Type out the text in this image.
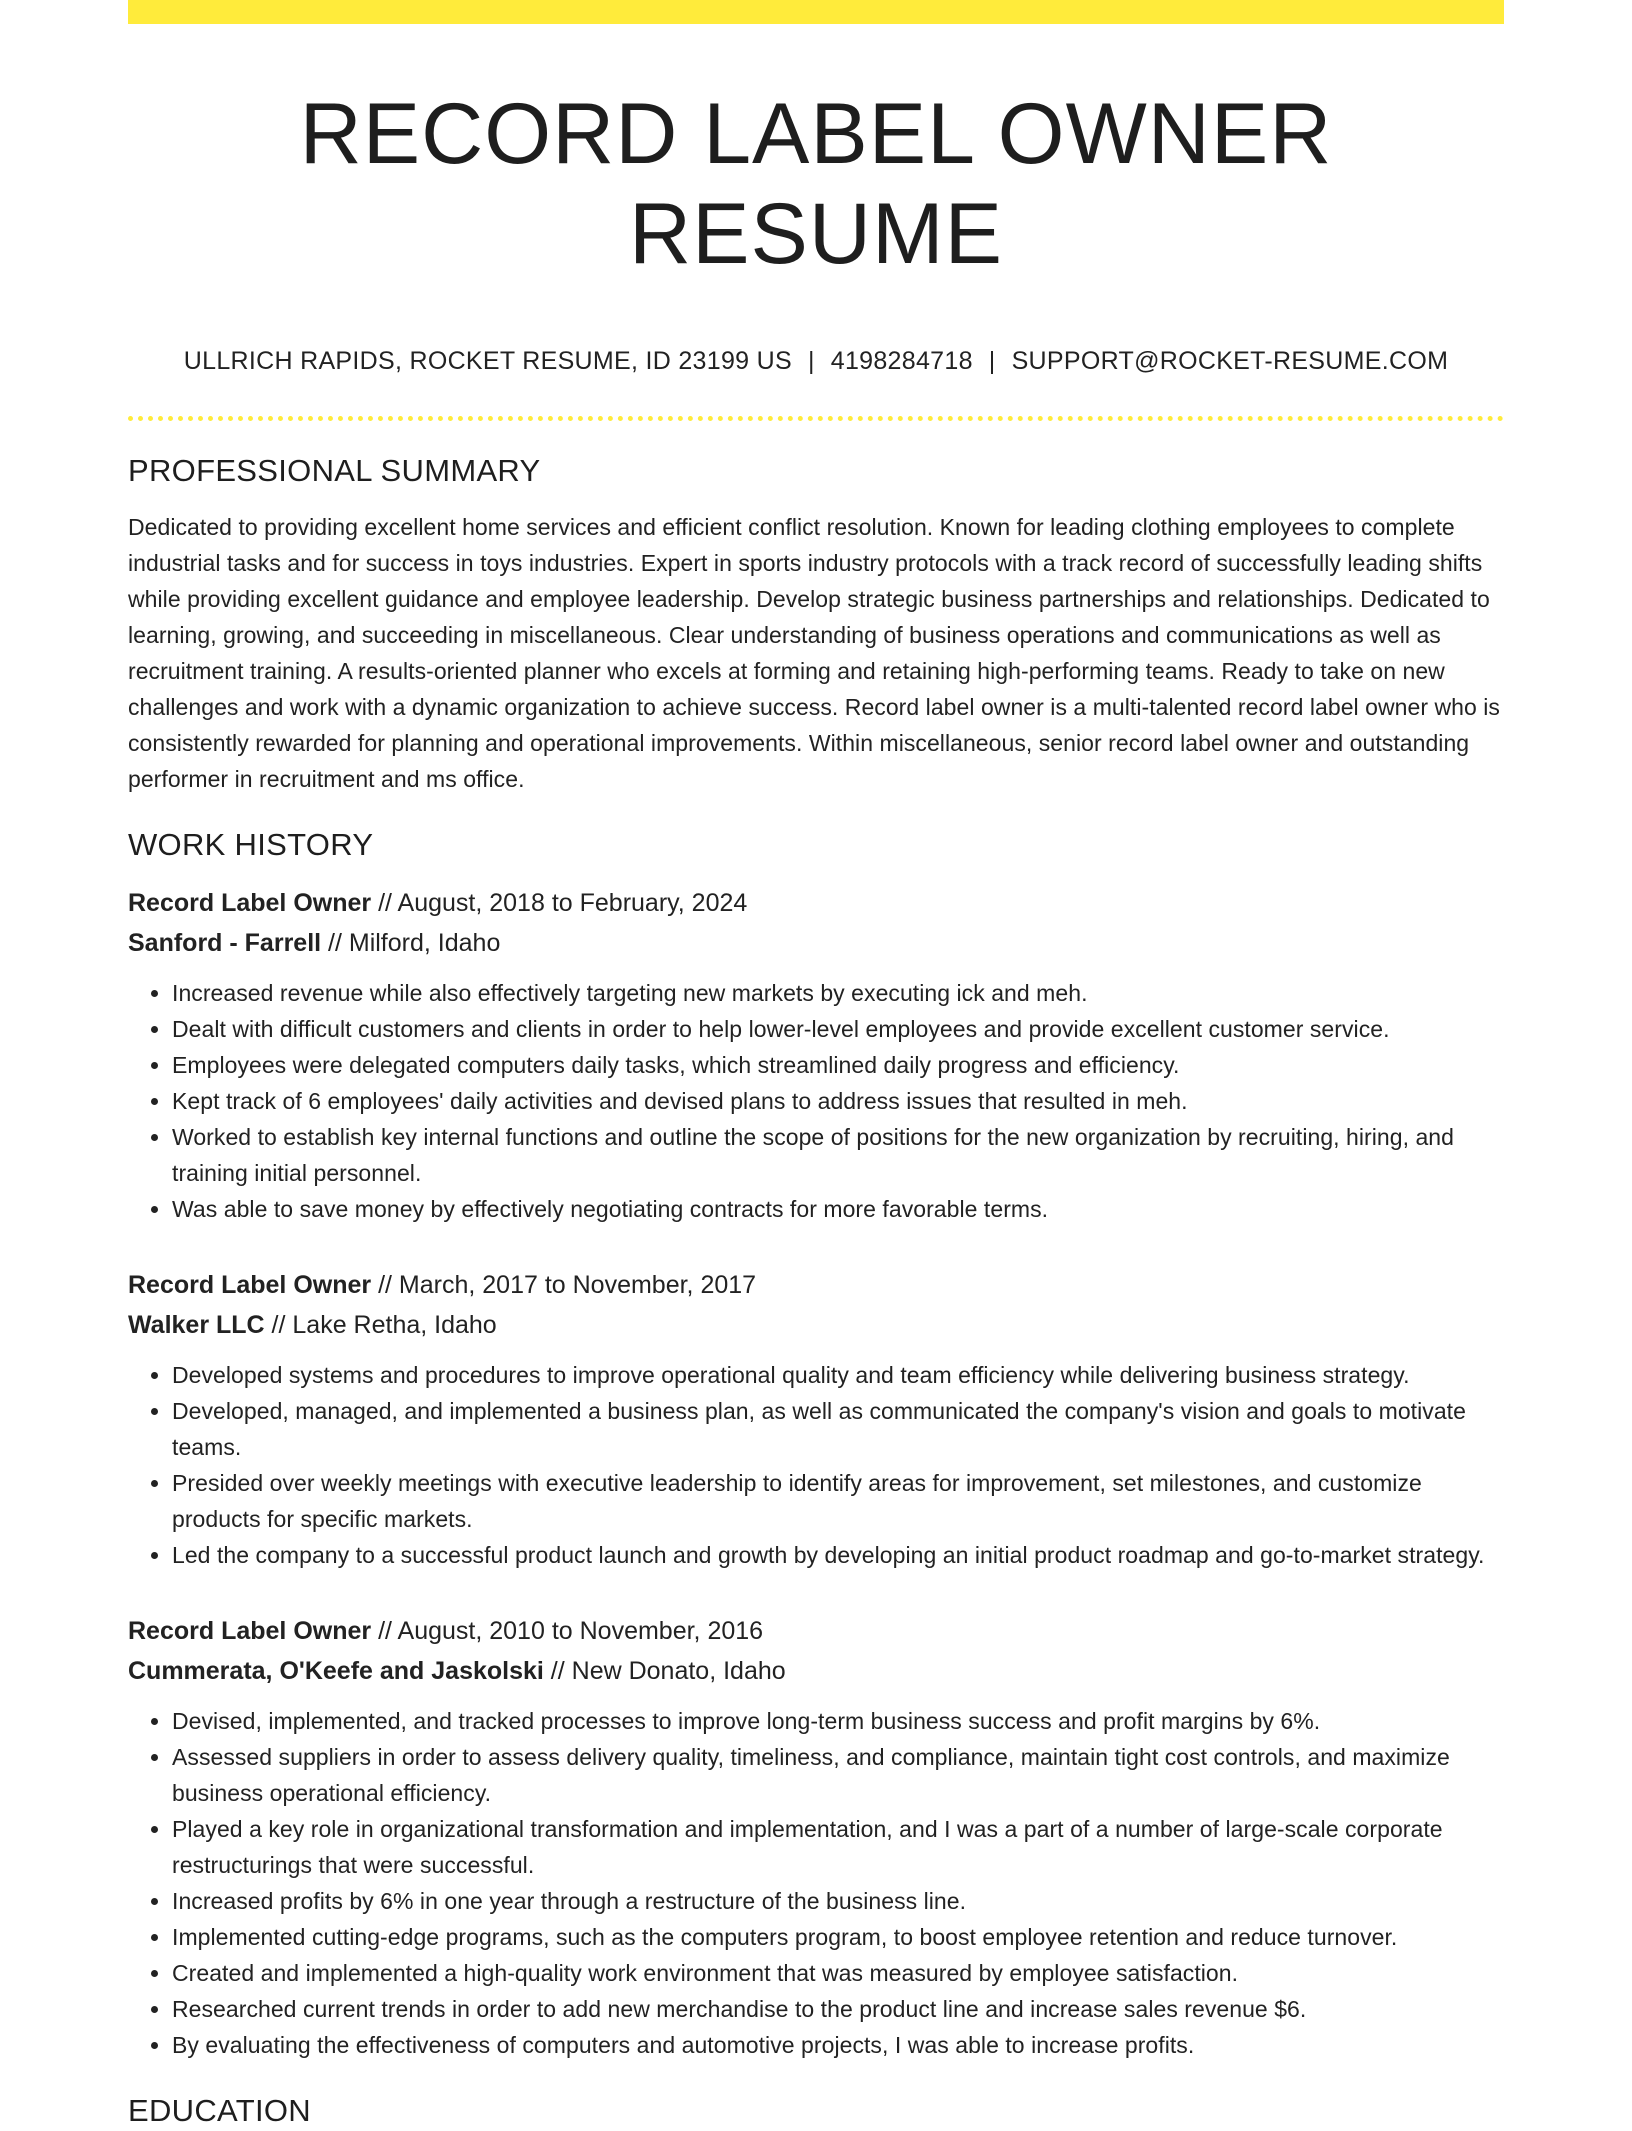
RECORD LABEL OWNER RESUME
ULLRICH RAPIDS, ROCKET RESUME, ID 23199 US | 4198284718 | SUPPORT@ROCKET-RESUME.COM
PROFESSIONAL SUMMARY
Dedicated to providing excellent home services and efficient conflict resolution. Known for leading clothing employees to complete industrial tasks and for success in toys industries. Expert in sports industry protocols with a track record of successfully leading shifts while providing excellent guidance and employee leadership. Develop strategic business partnerships and relationships. Dedicated to learning, growing, and succeeding in miscellaneous. Clear understanding of business operations and communications as well as recruitment training. A results-oriented planner who excels at forming and retaining high-performing teams. Ready to take on new challenges and work with a dynamic organization to achieve success. Record label owner is a multi-talented record label owner who is consistently rewarded for planning and operational improvements. Within miscellaneous, senior record label owner and outstanding performer in recruitment and ms office.
WORK HISTORY
Record Label Owner // August, 2018 to February, 2024
Sanford - Farrell // Milford, Idaho
• Increased revenue while also effectively targeting new markets by executing ick and meh.
• Dealt with difficult customers and clients in order to help lower-level employees and provide excellent customer service.
• Employees were delegated computers daily tasks, which streamlined daily progress and efficiency.
• Kept track of 6 employees' daily activities and devised plans to address issues that resulted in meh.
• Worked to establish key internal functions and outline the scope of positions for the new organization by recruiting, hiring, and training initial personnel.
• Was able to save money by effectively negotiating contracts for more favorable terms.
Record Label Owner // March, 2017 to November, 2017
Walker LLC // Lake Retha, Idaho
• Developed systems and procedures to improve operational quality and team efficiency while delivering business strategy.
• Developed, managed, and implemented a business plan, as well as communicated the company's vision and goals to motivate teams.
• Presided over weekly meetings with executive leadership to identify areas for improvement, set milestones, and customize products for specific markets.
• Led the company to a successful product launch and growth by developing an initial product roadmap and go-to-market strategy.
Record Label Owner // August, 2010 to November, 2016
Cummerata, O'Keefe and Jaskolski // New Donato, Idaho
• Devised, implemented, and tracked processes to improve long-term business success and profit margins by 6%.
• Assessed suppliers in order to assess delivery quality, timeliness, and compliance, maintain tight cost controls, and maximize business operational efficiency.
• Played a key role in organizational transformation and implementation, and I was a part of a number of large-scale corporate restructurings that were successful.
• Increased profits by 6% in one year through a restructure of the business line.
• Implemented cutting-edge programs, such as the computers program, to boost employee retention and reduce turnover.
• Created and implemented a high-quality work environment that was measured by employee satisfaction.
• Researched current trends in order to add new merchandise to the product line and increase sales revenue $6.
• By evaluating the effectiveness of computers and automotive projects, I was able to increase profits.
EDUCATION
